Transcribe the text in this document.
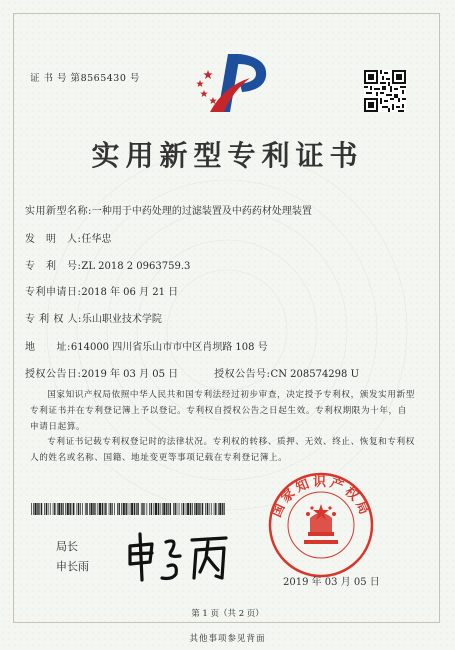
证 书 号 第8565430 号
实用新型专利证书
实用新型名称:一种用于中药处理的过滤装置及中药药材处理装置
发　明　人:任华忠
专　利　号:ZL 2018 2 0963759.3
专利申请日:2018 年 06 月 21 日
专 利 权 人:乐山职业技术学院
地　　址:614000 四川省乐山市市中区肖坝路 108 号
授权公告日:2019 年 03 月 05 日	授权公告号:CN 208574298 U
国家知识产权局依照中华人民共和国专利法经过初步审查，决定授予专利权，颁发实用新型专利证书并在专利登记簿上予以登记。专利权自授权公告之日起生效。专利权期限为十年，自申请日起算。
专利证书记载专利权登记时的法律状况。专利权的转移、质押、无效、终止、恢复和专利权人的姓名或名称、国籍、地址变更等事项记载在专利登记簿上。
局长
申长雨
国家知识产权局
2019 年 03 月 05 日
第 1 页（共 2 页）
其他事项参见背面
